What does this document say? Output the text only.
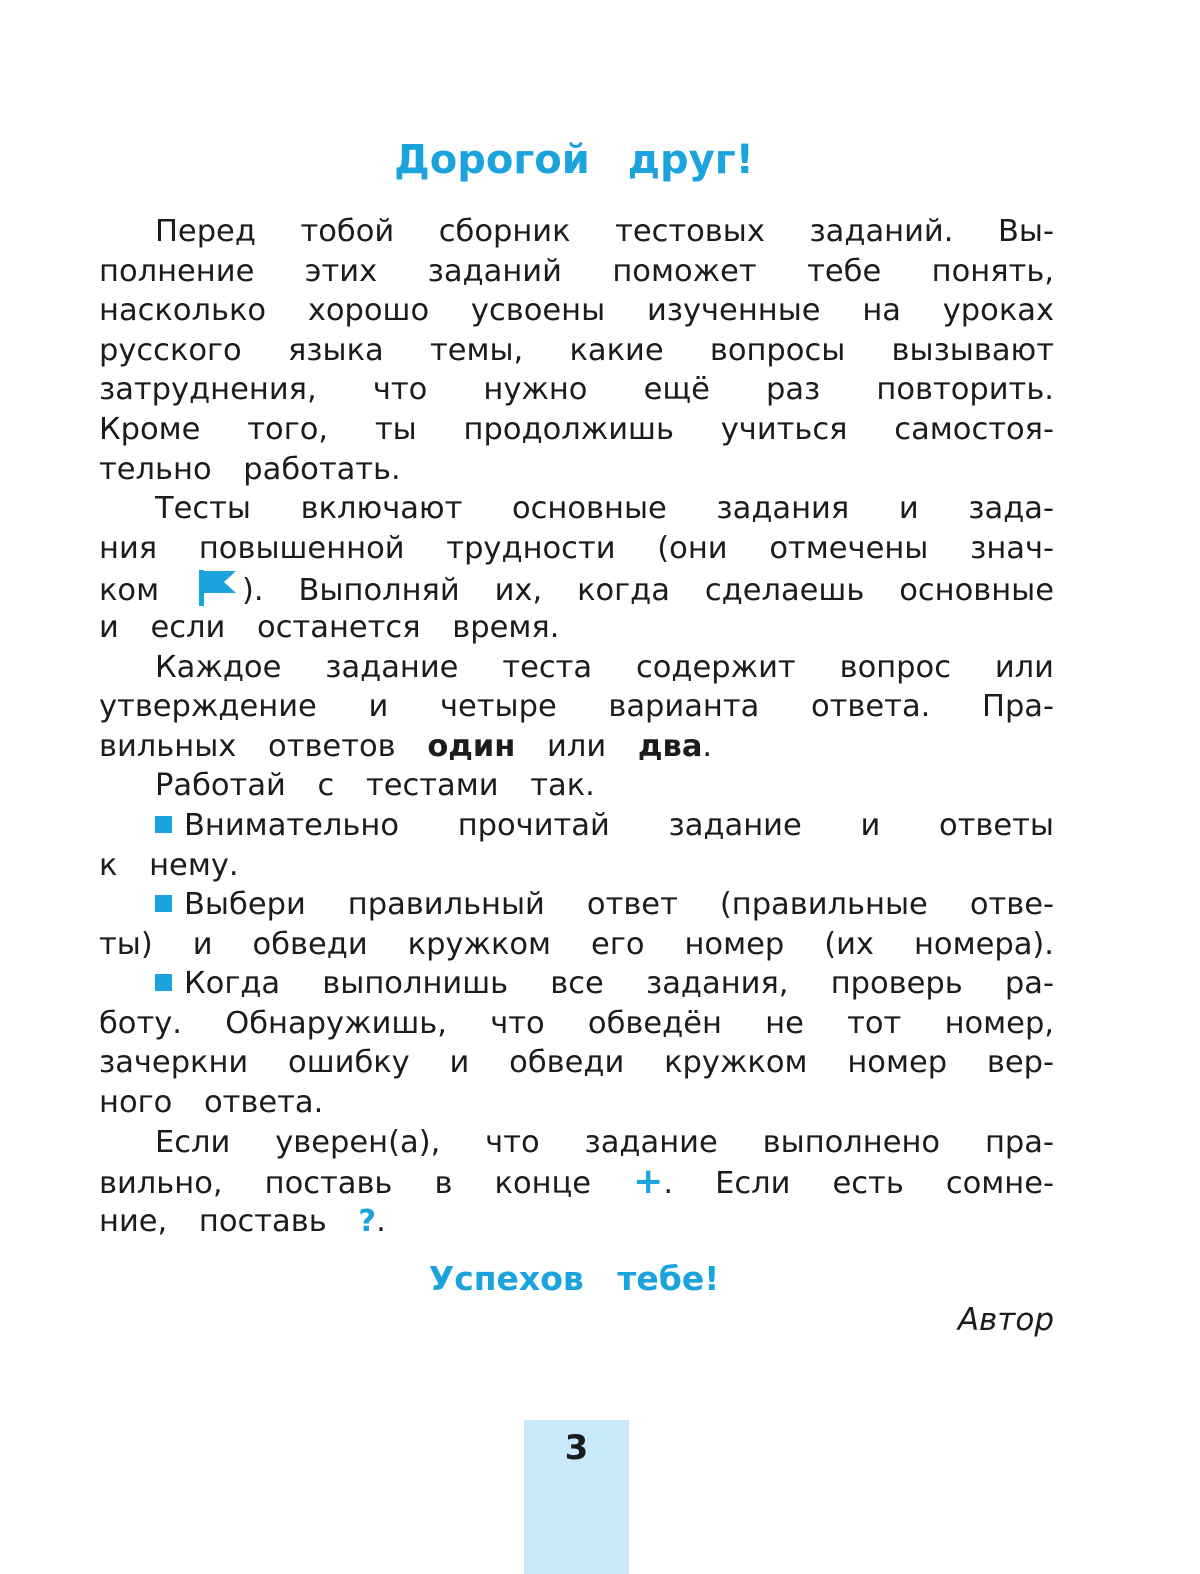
Дорогой друг!
Перед тобой сборник тестовых заданий. Вы-
полнение этих заданий поможет тебе понять,
насколько хорошо усвоены изученные на уроках
русского языка темы, какие вопросы вызывают
затруднения, что нужно ещё раз повторить.
Кроме того, ты продолжишь учиться самостоя-
тельно работать.
Тесты включают основные задания и зада-
ния повышенной трудности (они отмечены знач-
ком	). Выполняй их, когда сделаешь основные
и если останется время.
Каждое задание теста содержит вопрос или
утверждение и четыре варианта ответа. Пра-
вильных ответов один или два.
Работай с тестами так.
Внимательно прочитай задание и ответы
к нему.
Выбери правильный ответ (правильные отве-
ты) и обведи кружком его номер (их номера).
Когда выполнишь все задания, проверь ра-
боту. Обнаружишь, что обведён не тот номер,
зачеркни ошибку и обведи кружком номер вер-
ного ответа.
Если уверен(а), что задание выполнено пра-
вильно, поставь в конце +. Если есть сомне-
ние, поставь ?.
Успехов тебе!
Автор
3
